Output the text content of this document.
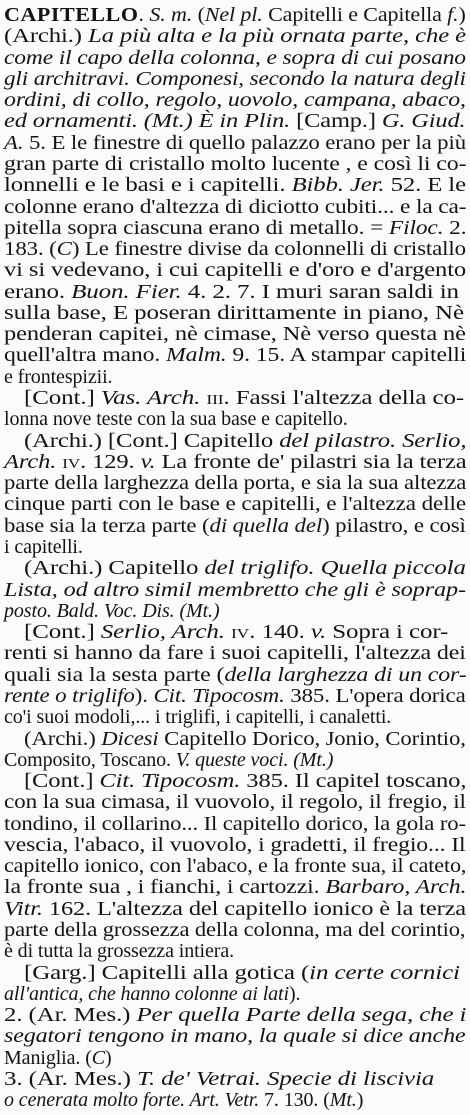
CAPITELLO. S. m. (Nel pl. Capitelli e Capitella f.)
(Archi.) La più alta e la più ornata parte, che è
come il capo della colonna, e sopra di cui posano
gli architravi. Componesi, secondo la natura degli
ordini, di collo, regolo, uovolo, campana, abaco,
ed ornamenti. (Mt.) È in Plin. [Camp.] G. Giud.
A. 5. E le finestre di quello palazzo erano per la più
gran parte di cristallo molto lucente , e così li co-
lonnelli e le basi e i capitelli. Bibb. Jer. 52. E le
colonne erano d'altezza di diciotto cubiti... e la ca-
pitella sopra ciascuna erano di metallo. = Filoc. 2.
183. (C) Le finestre divise da colonnelli di cristallo
vi si vedevano, i cui capitelli e d'oro e d'argento
erano. Buon. Fier. 4. 2. 7. I muri saran saldi in
sulla base, E poseran dirittamente in piano, Nè
penderan capitei, nè cimase, Nè verso questa nè
quell'altra mano. Malm. 9. 15. A stampar capitelli
e frontespizii.
[Cont.] Vas. Arch. iii. Fassi l'altezza della co-
lonna nove teste con la sua base e capitello.
(Archi.) [Cont.] Capitello del pilastro. Serlio,
Arch. iv. 129. v. La fronte de' pilastri sia la terza
parte della larghezza della porta, e sia la sua altezza
cinque parti con le base e capitelli, e l'altezza delle
base sia la terza parte (di quella del) pilastro, e così
i capitelli.
(Archi.) Capitello del triglifo. Quella piccola
Lista, od altro simil membretto che gli è soprap-
posto. Bald. Voc. Dis. (Mt.)
[Cont.] Serlio, Arch. iv. 140. v. Sopra i cor-
renti si hanno da fare i suoi capitelli, l'altezza dei
quali sia la sesta parte (della larghezza di un cor-
rente o triglifo). Cit. Tipocosm. 385. L'opera dorica
co'i suoi modoli,... i triglifi, i capitelli, i canaletti.
(Archi.) Dicesi Capitello Dorico, Jonio, Corintio,
Composito, Toscano. V. queste voci. (Mt.)
[Cont.] Cit. Tipocosm. 385. Il capitel toscano,
con la sua cimasa, il vuovolo, il regolo, il fregio, il
tondino, il collarino... Il capitello dorico, la gola ro-
vescia, l'abaco, il vuovolo, i gradetti, il fregio... Il
capitello ionico, con l'abaco, e la fronte sua, il cateto,
la fronte sua , i fianchi, i cartozzi. Barbaro, Arch.
Vitr. 162. L'altezza del capitello ionico è la terza
parte della grossezza della colonna, ma del corintio,
è di tutta la grossezza intiera.
[Garg.] Capitelli alla gotica (in certe cornici
all'antica, che hanno colonne ai lati).
2. (Ar. Mes.) Per quella Parte della sega, che i
segatori tengono in mano, la quale si dice anche
Maniglia. (C)
3. (Ar. Mes.) T. de' Vetrai. Specie di liscivia
o cenerata molto forte. Art. Vetr. 7. 130. (Mt.)
